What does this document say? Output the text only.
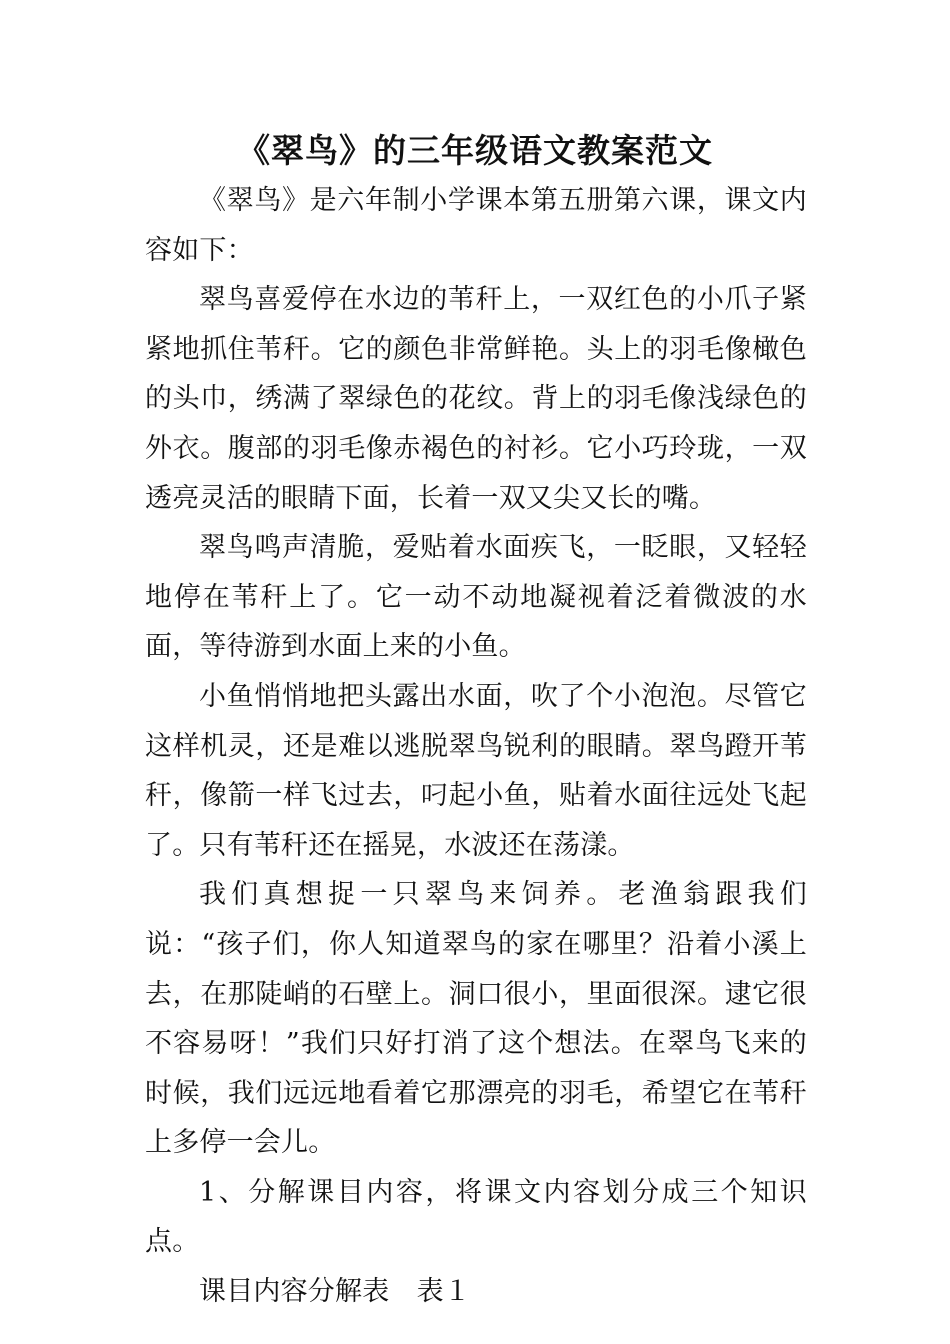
《翠鸟》的三年级语文教案范文

《翠鸟》是六年制小学课本第五册第六课，课文内容如下：

翠鸟喜爱停在水边的苇秆上，一双红色的小爪子紧紧地抓住苇秆。它的颜色非常鲜艳。头上的羽毛像橄色的头巾，绣满了翠绿色的花纹。背上的羽毛像浅绿色的外衣。腹部的羽毛像赤褐色的衬衫。它小巧玲珑，一双透亮灵活的眼睛下面，长着一双又尖又长的嘴。

翠鸟鸣声清脆，爱贴着水面疾飞，一眨眼，又轻轻地停在苇秆上了。它一动不动地凝视着泛着微波的水面，等待游到水面上来的小鱼。

小鱼悄悄地把头露出水面，吹了个小泡泡。尽管它这样机灵，还是难以逃脱翠鸟锐利的眼睛。翠鸟蹬开苇秆，像箭一样飞过去，叼起小鱼，贴着水面往远处飞起了。只有苇秆还在摇晃，水波还在荡漾。

我们真想捉一只翠鸟来饲养。老渔翁跟我们说：“孩子们，你人知道翠鸟的家在哪里？沿着小溪上去，在那陡峭的石壁上。洞口很小，里面很深。逮它很不容易呀！”我们只好打消了这个想法。在翠鸟飞来的时候，我们远远地看着它那漂亮的羽毛，希望它在苇秆上多停一会儿。

1、分解课目内容，将课文内容划分成三个知识点。

课目内容分解表　表１
